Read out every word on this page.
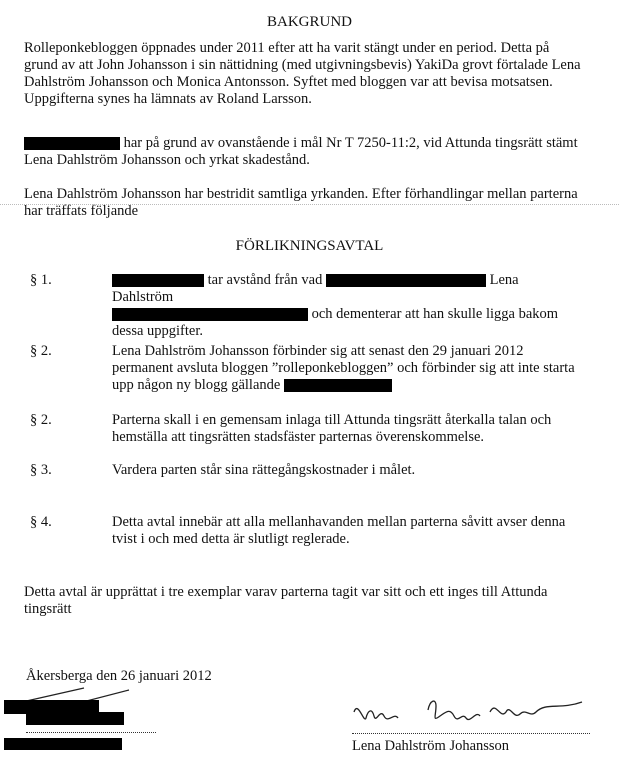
BAKGRUND
Rolleponkebloggen öppnades under 2011 efter att ha varit stängt under en period. Detta på grund av att John Johansson i sin nättidning (med utgivningsbevis) YakiDa grovt förtalade Lena Dahlström Johansson och Monica Antonsson. Syftet med bloggen var att bevisa motsatsen. Uppgifterna synes ha lämnats av Roland Larsson.
har på grund av ovanstående i mål Nr T 7250-11:2, vid Attunda tingsrätt stämt Lena Dahlström Johansson och yrkat skadestånd.
Lena Dahlström Johansson har bestridit samtliga yrkanden. Efter förhandlingar mellan parterna har träffats följande
FÖRLIKNINGSAVTAL
§ 1.	tar avstånd från vad	Lena Dahlström
och dementerar att han skulle ligga bakom dessa uppgifter.
§ 2.	Lena Dahlström Johansson förbinder sig att senast den 29 januari 2012 permanent avsluta bloggen ”rolleponkebloggen” och förbinder sig att inte starta upp någon ny blogg gällande
§ 2.	Parterna skall i en gemensam inlaga till Attunda tingsrätt återkalla talan och hemställa att tingsrätten stadsfäster parternas överenskommelse.
§ 3.	Vardera parten står sina rättegångskostnader i målet.
§ 4.	Detta avtal innebär att alla mellanhavanden mellan parterna såvitt avser denna tvist i och med detta är slutligt reglerade.
Detta avtal är upprättat i tre exemplar varav parterna tagit var sitt och ett inges till Attunda tingsrätt
Åkersberga den 26 januari 2012
Lena Dahlström Johansson
